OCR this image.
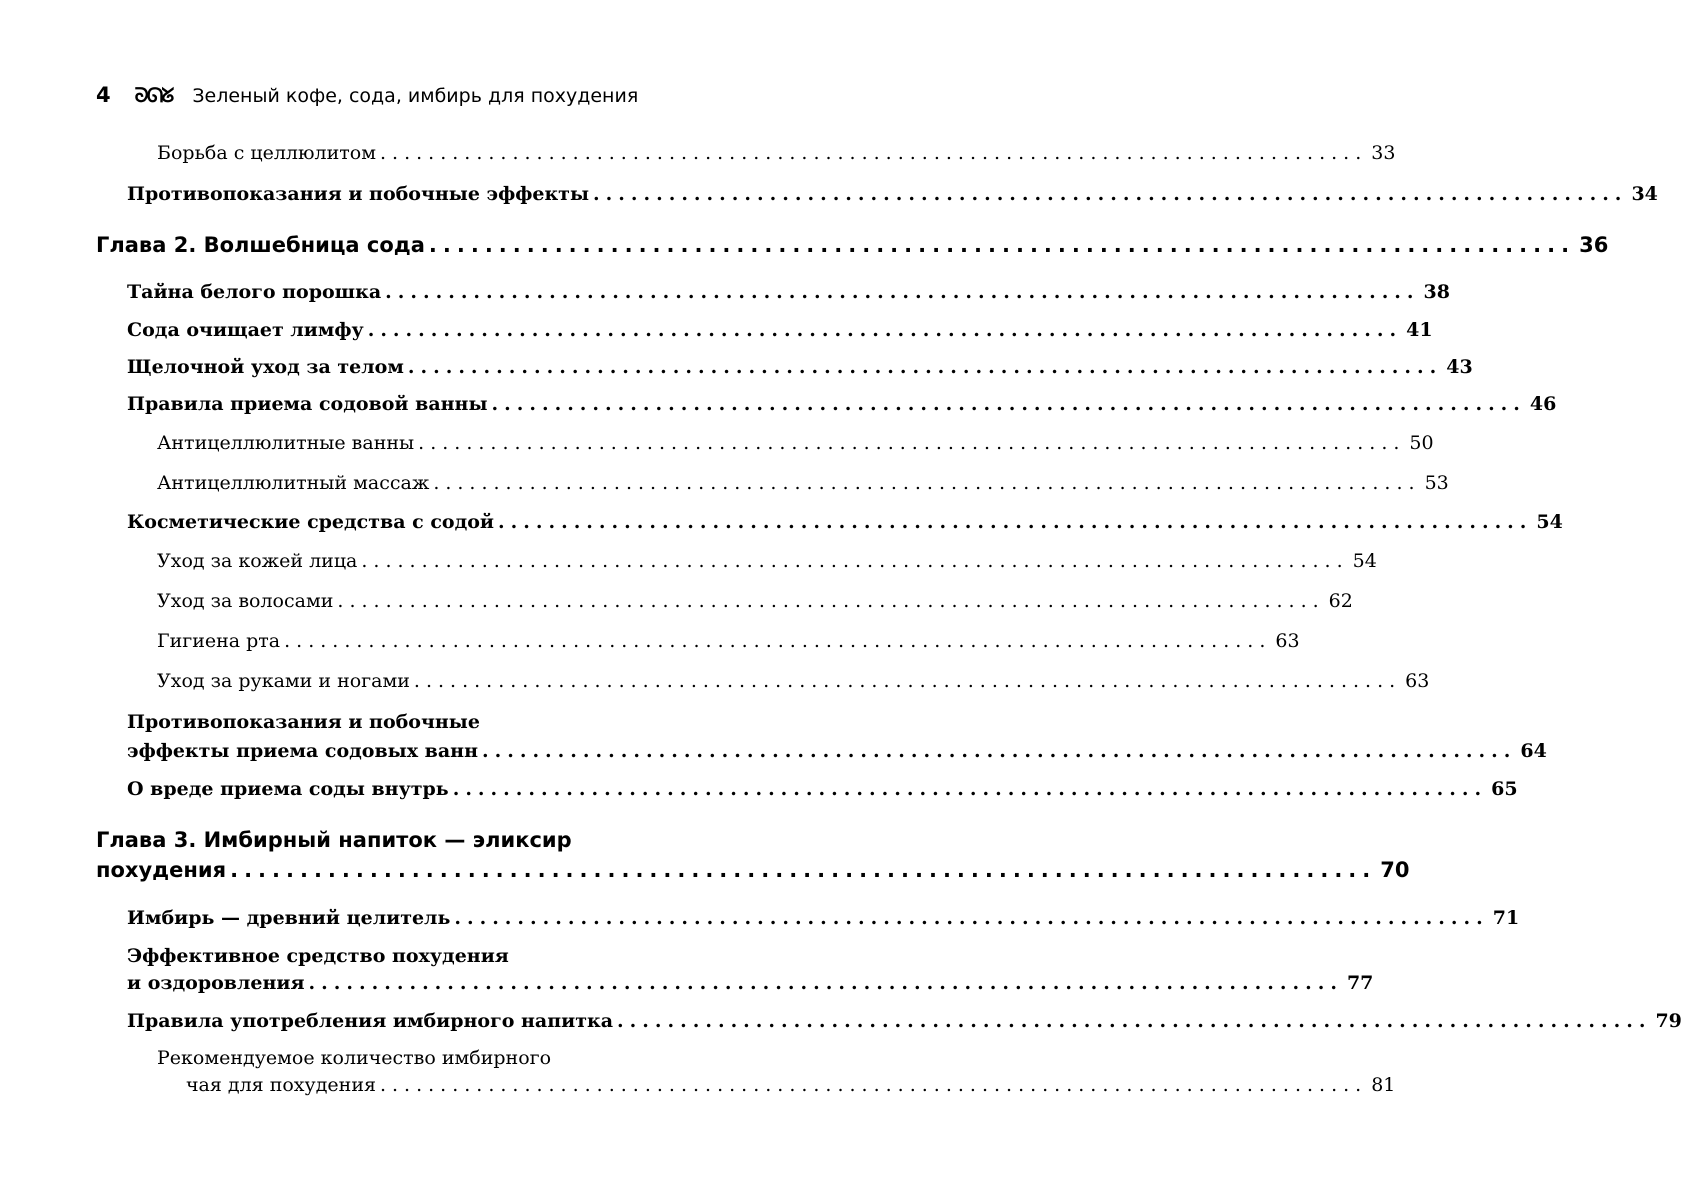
4 ᘐᘏᘜ Зеленый кофе, сода, имбирь для похудения
Борьба с целлюлитом .................................................................................. 33
Противопоказания и побочные эффекты .................................................................................. 34
Глава 2. Волшебница сода .................................................................................. 36
Тайна белого порошка .................................................................................. 38
Сода очищает лимфу .................................................................................. 41
Щелочной уход за телом .................................................................................. 43
Правила приема содовой ванны .................................................................................. 46
Антицеллюлитные ванны .................................................................................. 50
Антицеллюлитный массаж .................................................................................. 53
Косметические средства с содой .................................................................................. 54
Уход за кожей лица .................................................................................. 54
Уход за волосами .................................................................................. 62
Гигиена рта .................................................................................. 63
Уход за руками и ногами .................................................................................. 63
Противопоказания и побочные
эффекты приема содовых ванн .................................................................................. 64
О вреде приема соды внутрь .................................................................................. 65
Глава 3. Имбирный напиток — эликсир
похудения .................................................................................. 70
Имбирь — древний целитель .................................................................................. 71
Эффективное средство похудения
и оздоровления .................................................................................. 77
Правила употребления имбирного напитка .................................................................................. 79
Рекомендуемое количество имбирного
чая для похудения .................................................................................. 81
